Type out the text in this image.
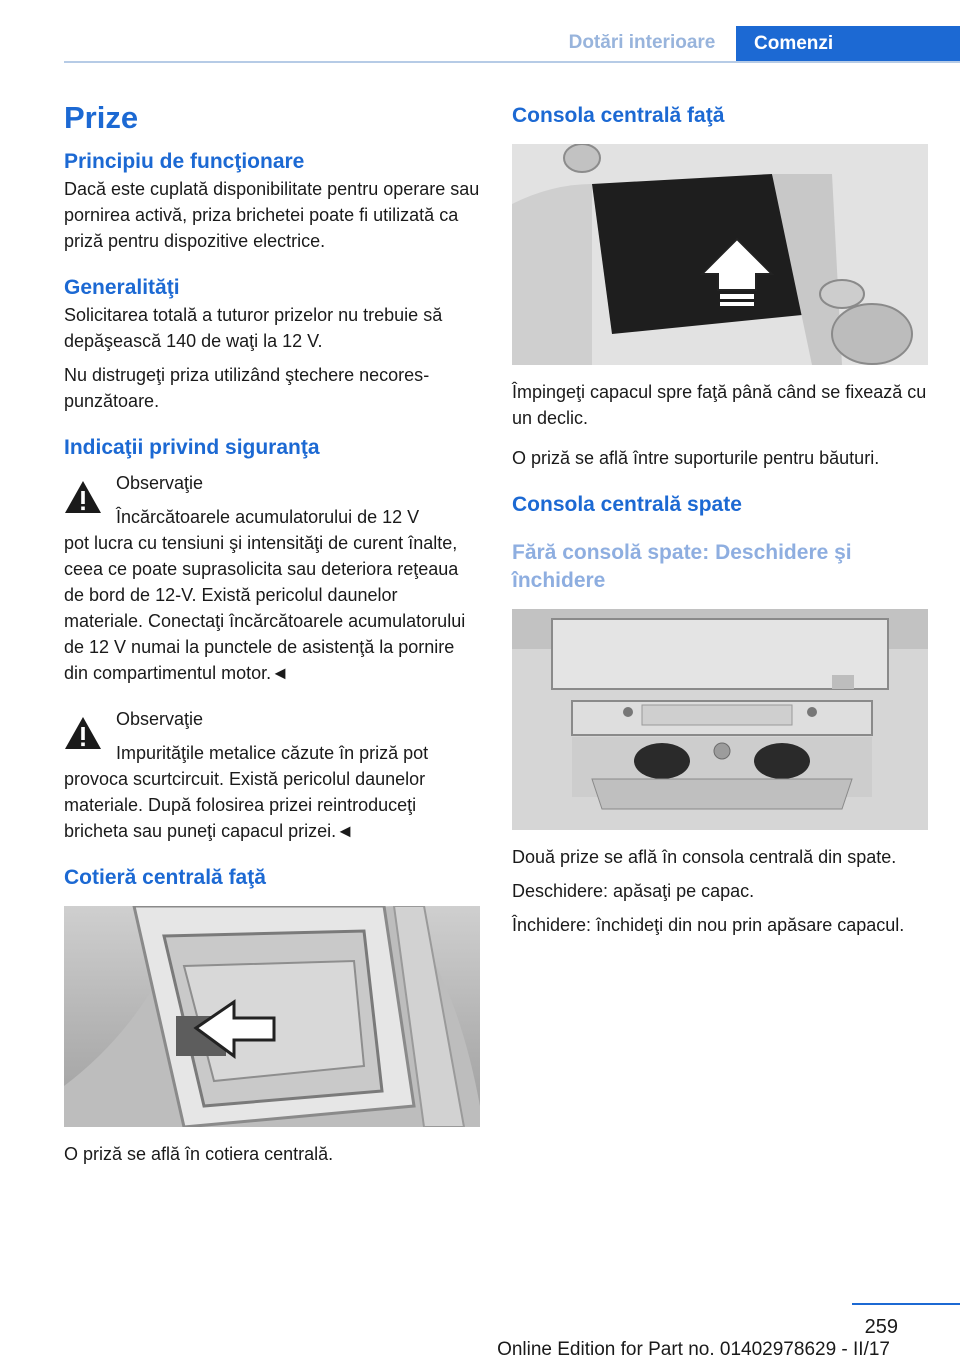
Dotări interioare	Comenzi
Prize
Principiu de funcţionare

Dacă este cuplată disponibilitate pentru operare sau pornirea activă, priza brichetei poate fi utilizată ca priză pentru dispozitive electrice.

Generalităţi

Solicitarea totală a tuturor prizelor nu trebuie să depăşească 140 de waţi la 12 V.

Nu distrugeţi priza utilizând ştechere necorespunzătoare.

Indicaţii privind siguranţa
Observaţie
Încărcătoarele acumulatorului de 12 V

pot lucra cu tensiuni şi intensităţi de curent înalte, ceea ce poate suprasolicita sau deteriora reţeaua de bord de 12-V. Există pericolul daunelor materiale. Conectaţi încărcătoarele acumulatorului de 12 V numai la punctele de asistenţă la pornire din compartimentul motor.◄

Observaţie
Impurităţile metalice căzute în priză pot

provoca scurtcircuit. Există pericolul daunelor materiale. După folosirea prizei reintroduceţi bricheta sau puneţi capacul prizei.◄

Cotieră centrală faţă

O priză se află în cotiera centrală.

Consola centrală faţă

Împingeţi capacul spre faţă până când se fixează cu un declic.

O priză se află între suporturile pentru băuturi.

Consola centrală spate
Fără consolă spate: Deschidere şi închidere

Două prize se află în consola centrală din spate.

Deschidere: apăsaţi pe capac.

Închidere: închideţi din nou prin apăsare capacul.

259
Online Edition for Part no. 01402978629 - II/17
